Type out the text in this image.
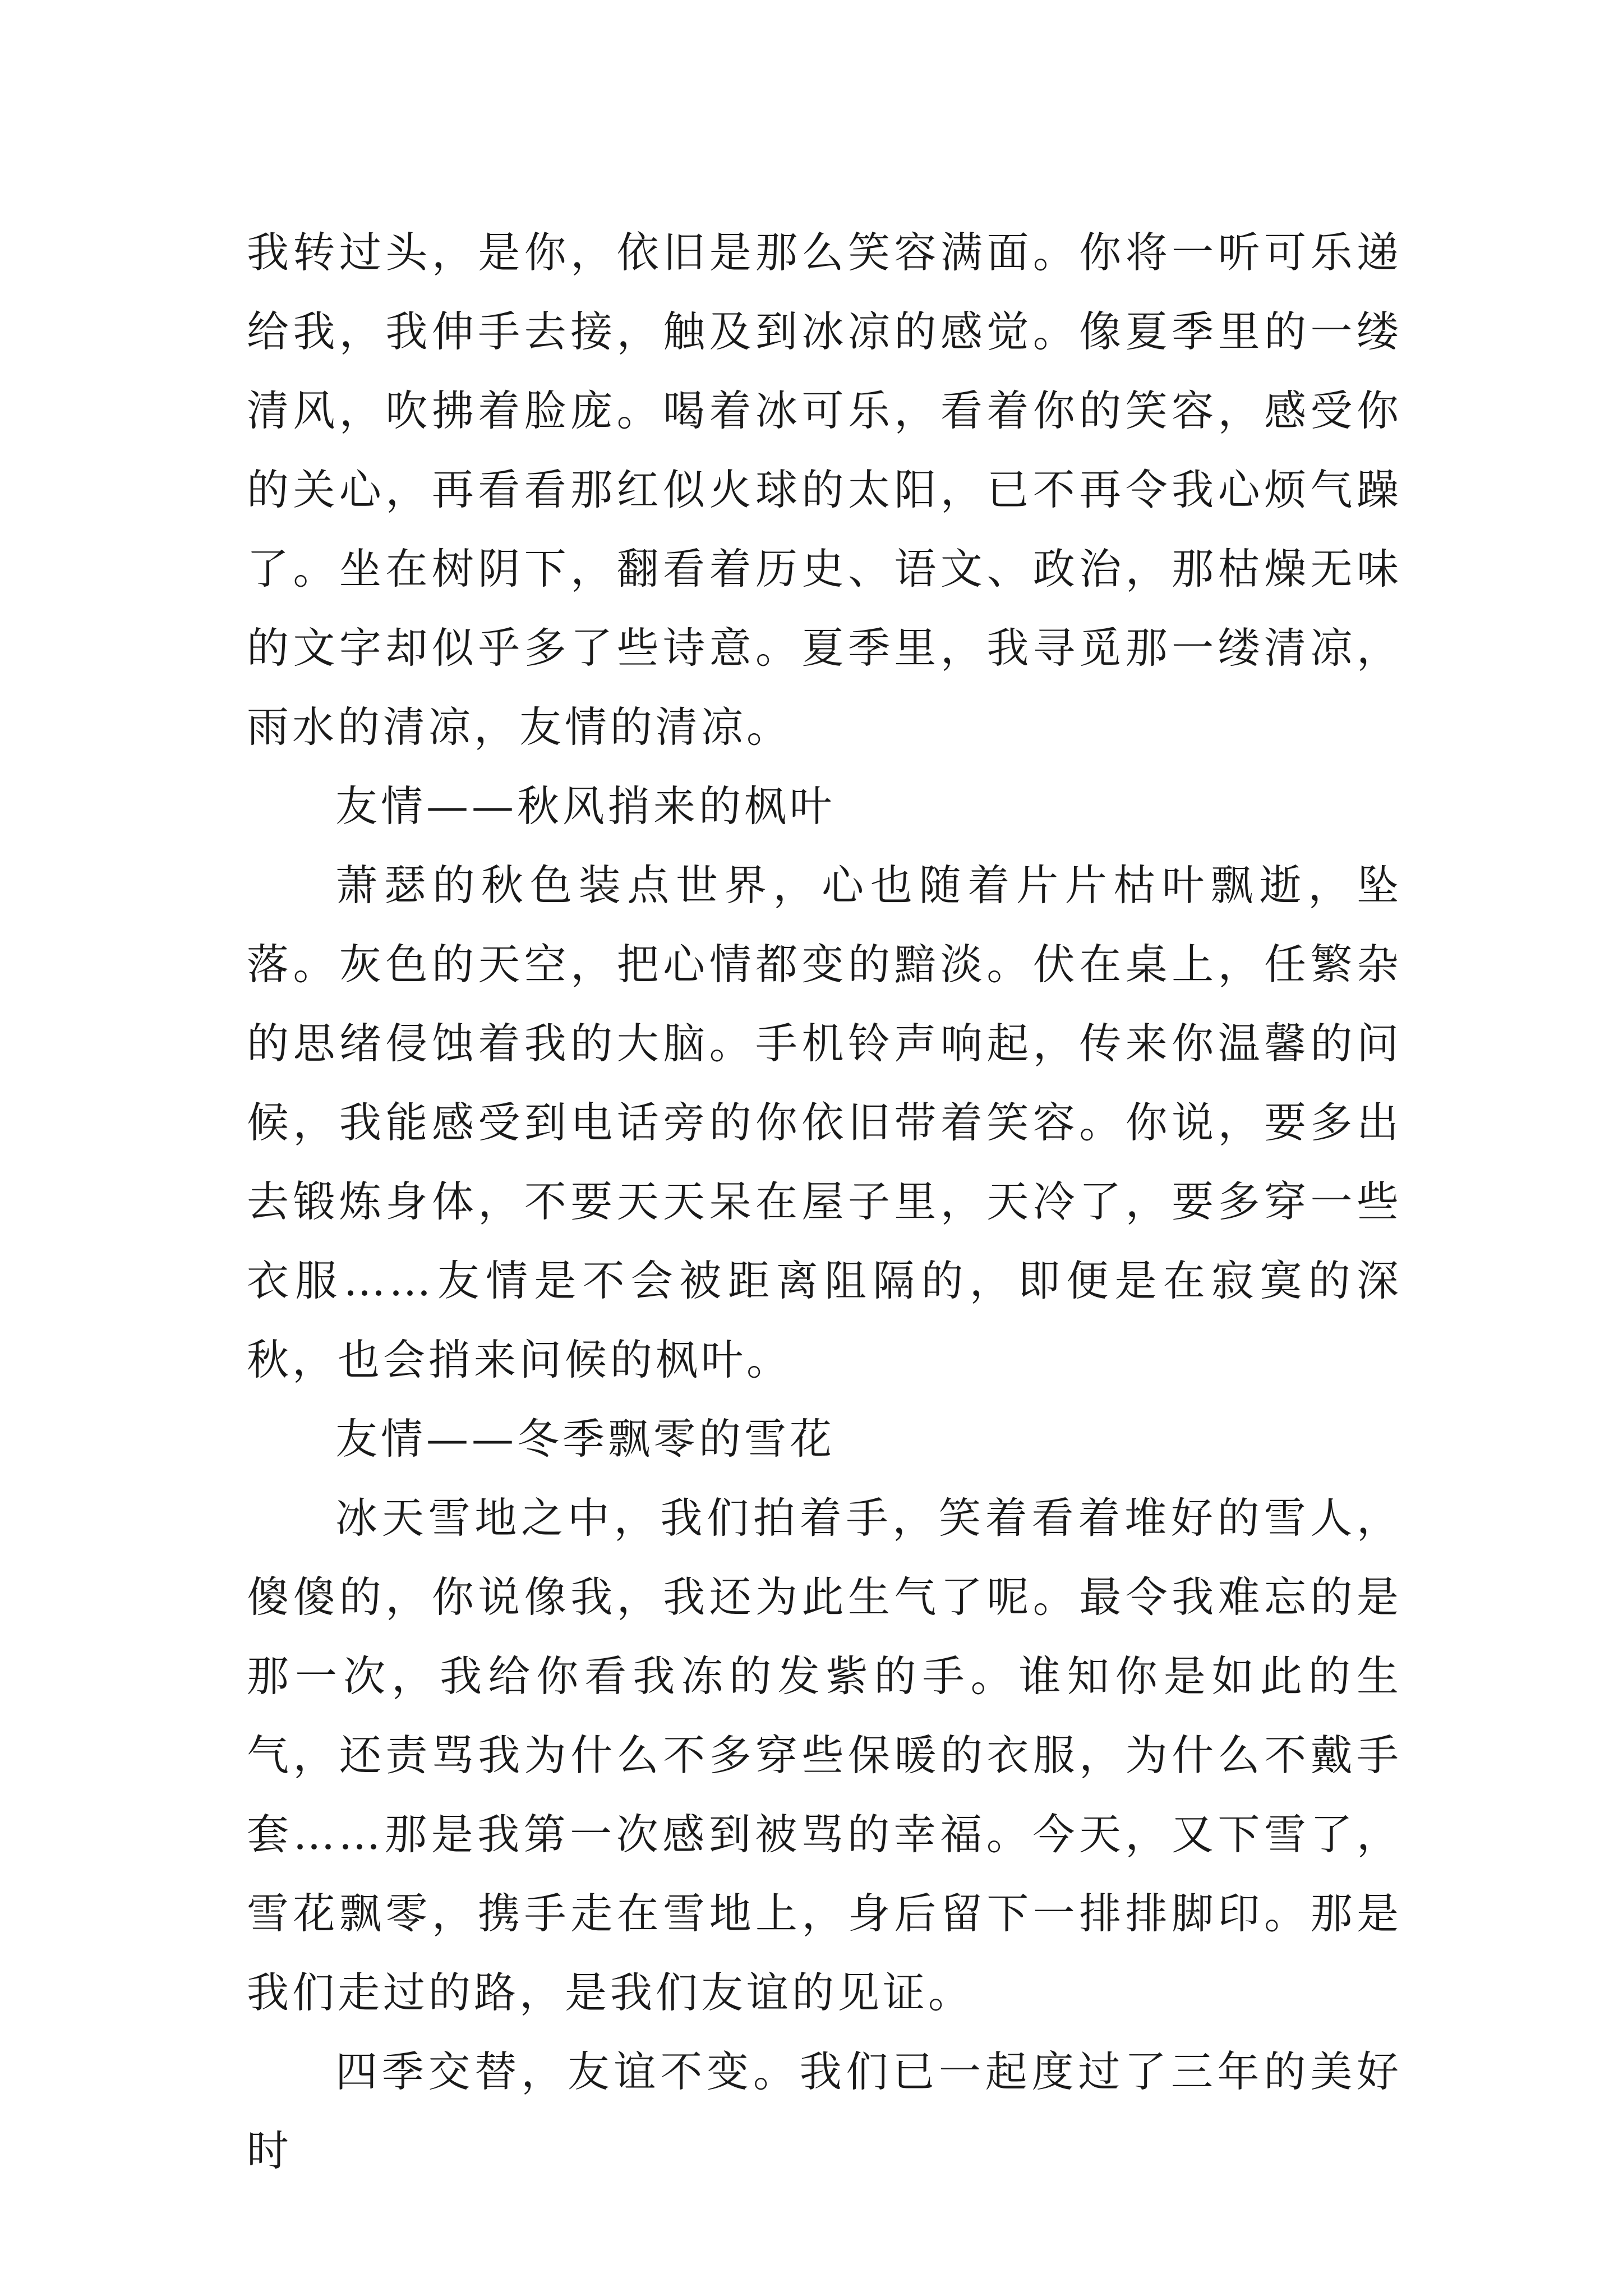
我转过头，是你，依旧是那么笑容满面。你将一听可乐递给我，我伸手去接，触及到冰凉的感觉。像夏季里的一缕清风，吹拂着脸庞。喝着冰可乐，看着你的笑容，感受你的关心，再看看那红似火球的太阳，已不再令我心烦气躁了。坐在树阴下，翻看着历史、语文、政治，那枯燥无味的文字却似乎多了些诗意。夏季里，我寻觅那一缕清凉，雨水的清凉，友情的清凉。

友情——秋风捎来的枫叶

萧瑟的秋色装点世界，心也随着片片枯叶飘逝，坠落。灰色的天空，把心情都变的黯淡。伏在桌上，任繁杂的思绪侵蚀着我的大脑。手机铃声响起，传来你温馨的问候，我能感受到电话旁的你依旧带着笑容。你说，要多出去锻炼身体，不要天天呆在屋子里，天冷了，要多穿一些衣服……友情是不会被距离阻隔的，即便是在寂寞的深秋，也会捎来问候的枫叶。

友情——冬季飘零的雪花

冰天雪地之中，我们拍着手，笑着看着堆好的雪人，傻傻的，你说像我，我还为此生气了呢。最令我难忘的是那一次，我给你看我冻的发紫的手。谁知你是如此的生气，还责骂我为什么不多穿些保暖的衣服，为什么不戴手套……那是我第一次感到被骂的幸福。今天，又下雪了，雪花飘零，携手走在雪地上，身后留下一排排脚印。那是我们走过的路，是我们友谊的见证。

四季交替，友谊不变。我们已一起度过了三年的美好时
